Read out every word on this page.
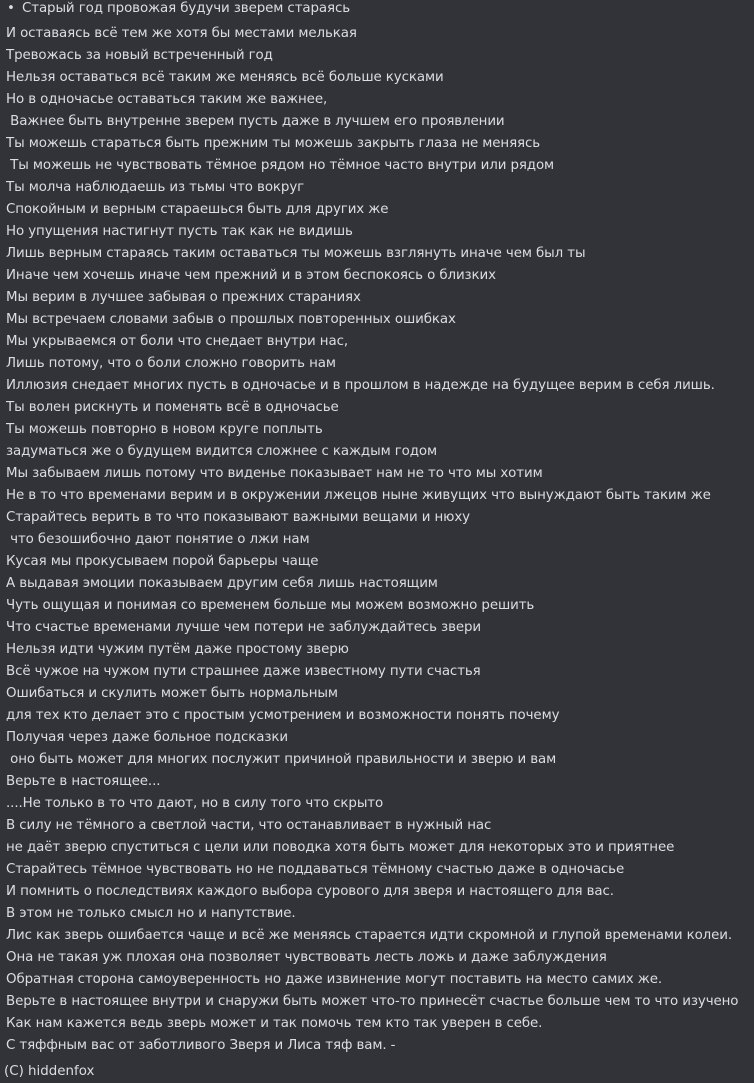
• Старый год провожая будучи зверем стараясь
И оставаясь всё тем же хотя бы местами мелькая
Тревожась за новый встреченный год
Нельзя оставаться всё таким же меняясь всё больше кусками
Но в одночасье оставаться таким же важнее,
Важнее быть внутренне зверем пусть даже в лучшем его проявлении
Ты можешь стараться быть прежним ты можешь закрыть глаза не меняясь
Ты можешь не чувствовать тёмное рядом но тёмное часто внутри или рядом
Ты молча наблюдаешь из тьмы что вокруг
Спокойным и верным стараешься быть для других же
Но упущения настигнут пусть так как не видишь
Лишь верным стараясь таким оставаться ты можешь взглянуть иначе чем был ты
Иначе чем хочешь иначе чем прежний и в этом беспокоясь о близких
Мы верим в лучшее забывая о прежних стараниях
Мы встречаем словами забыв о прошлых повторенных ошибках
Мы укрываемся от боли что снедает внутри нас,
Лишь потому, что о боли сложно говорить нам
Иллюзия снедает многих пусть в одночасье и в прошлом в надежде на будущее верим в себя лишь.
Ты волен рискнуть и поменять всё в одночасье
Ты можешь повторно в новом круге поплыть
задуматься же о будущем видится сложнее с каждым годом
Мы забываем лишь потому что виденье показывает нам не то что мы хотим
Не в то что временами верим и в окружении лжецов ныне живущих что вынуждают быть таким же
Старайтесь верить в то что показывают важными вещами и нюху
что безошибочно дают понятие о лжи нам
Кусая мы прокусываем порой барьеры чаще
А выдавая эмоции показываем другим себя лишь настоящим
Чуть ощущая и понимая со временем больше мы можем возможно решить
Что счастье временами лучше чем потери не заблуждайтесь звери
Нельзя идти чужим путём даже простому зверю
Всё чужое на чужом пути страшнее даже известному пути счастья
Ошибаться и скулить может быть нормальным
для тех кто делает это с простым усмотрением и возможности понять почему
Получая через даже больное подсказки
оно быть может для многих послужит причиной правильности и зверю и вам
Верьте в настоящее...
....Не только в то что дают, но в силу того что скрыто
В силу не тёмного а светлой части, что останавливает в нужный нас
не даёт зверю спуститься с цели или поводка хотя быть может для некоторых это и приятнее
Старайтесь тёмное чувствовать но не поддаваться тёмному счастью даже в одночасье
И помнить о последствиях каждого выбора сурового для зверя и настоящего для вас.
В этом не только смысл но и напутствие.
Лис как зверь ошибается чаще и всё же меняясь старается идти скромной и глупой временами колеи.
Она не такая уж плохая она позволяет чувствовать лесть ложь и даже заблуждения
Обратная сторона самоуверенность но даже извинение могут поставить на место самих же.
Верьте в настоящее внутри и снаружи быть может что-то принесёт счастье больше чем то что изучено
Как нам кажется ведь зверь может и так помочь тем кто так уверен в себе.
С тяффным вас от заботливого Зверя и Лиса тяф вам. -
(C) hiddenfox
